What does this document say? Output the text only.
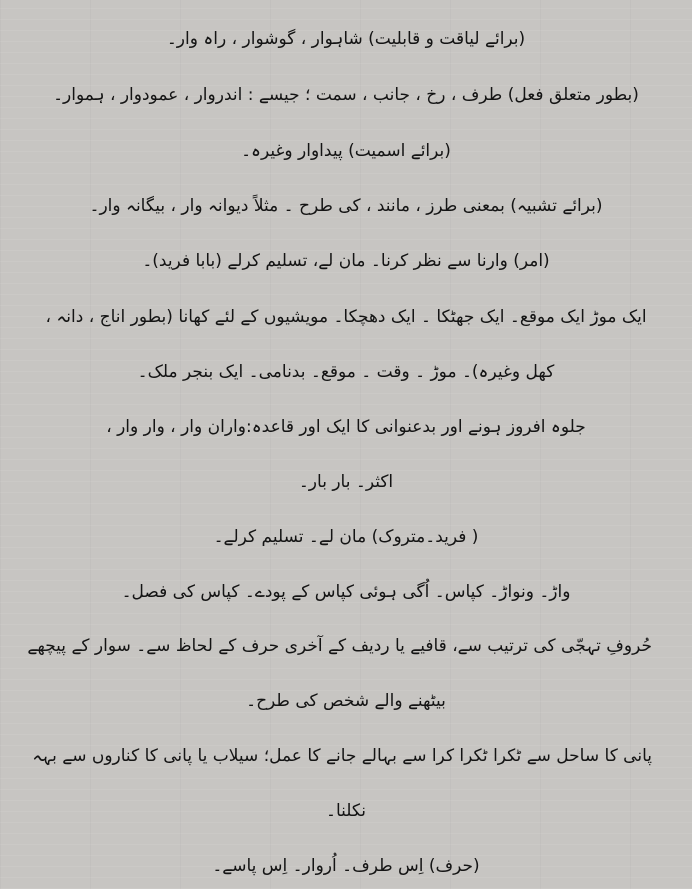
(برائے لیاقت و قابلیت) شاہوار ، گوشوار ، راہ وار۔
(بطور متعلق فعل) طرف ، رخ ، جانب ، سمت ؛ جیسے : اندروار ، عمودوار ، ہموار۔
(برائے اسمیت) پیداوار وغیرہ۔
(برائے تشبیہ) بمعنی طرز ، مانند ، کی طرح ۔ مثلاً دیوانہ وار ، بیگانہ وار۔
(امر) وارنا سے نظر کرنا۔ مان لے، تسلیم کرلے (بابا فرید)۔
ایک موڑ ایک موقع۔ ایک جھٹکا ۔ ایک دھچکا۔ مویشیوں کے لئے کھانا (بطور اناج ، دانہ ،
کھل وغیرہ)۔ موڑ ۔ وقت ۔ موقع۔ بدنامی۔ ایک بنجر ملک۔
جلوہ افروز ہونے اور بدعنوانی کا ایک اور قاعدہ:واران وار ، وار وار ،
اکثر۔ بار بار۔
( فرید۔متروک) مان لے۔ تسلیم کرلے۔
واڑ۔ ونواڑ۔ کپاس۔ اُگی ہوئی کپاس کے پودے۔ کپاس کی فصل۔
حُروفِ تہجّی کی ترتیب سے، قافیے یا ردیف کے آخری حرف کے لحاظ سے۔ سوار کے پیچھے
بیٹھنے والے شخص کی طرح۔
پانی کا ساحل سے ٹکرا ٹکرا کرا سے بہالے جانے کا عمل؛ سیلاب یا پانی کا کناروں سے بہہ
نکلنا۔
(حرف) اِس طرف۔ اُروار۔ اِس پاسے۔
